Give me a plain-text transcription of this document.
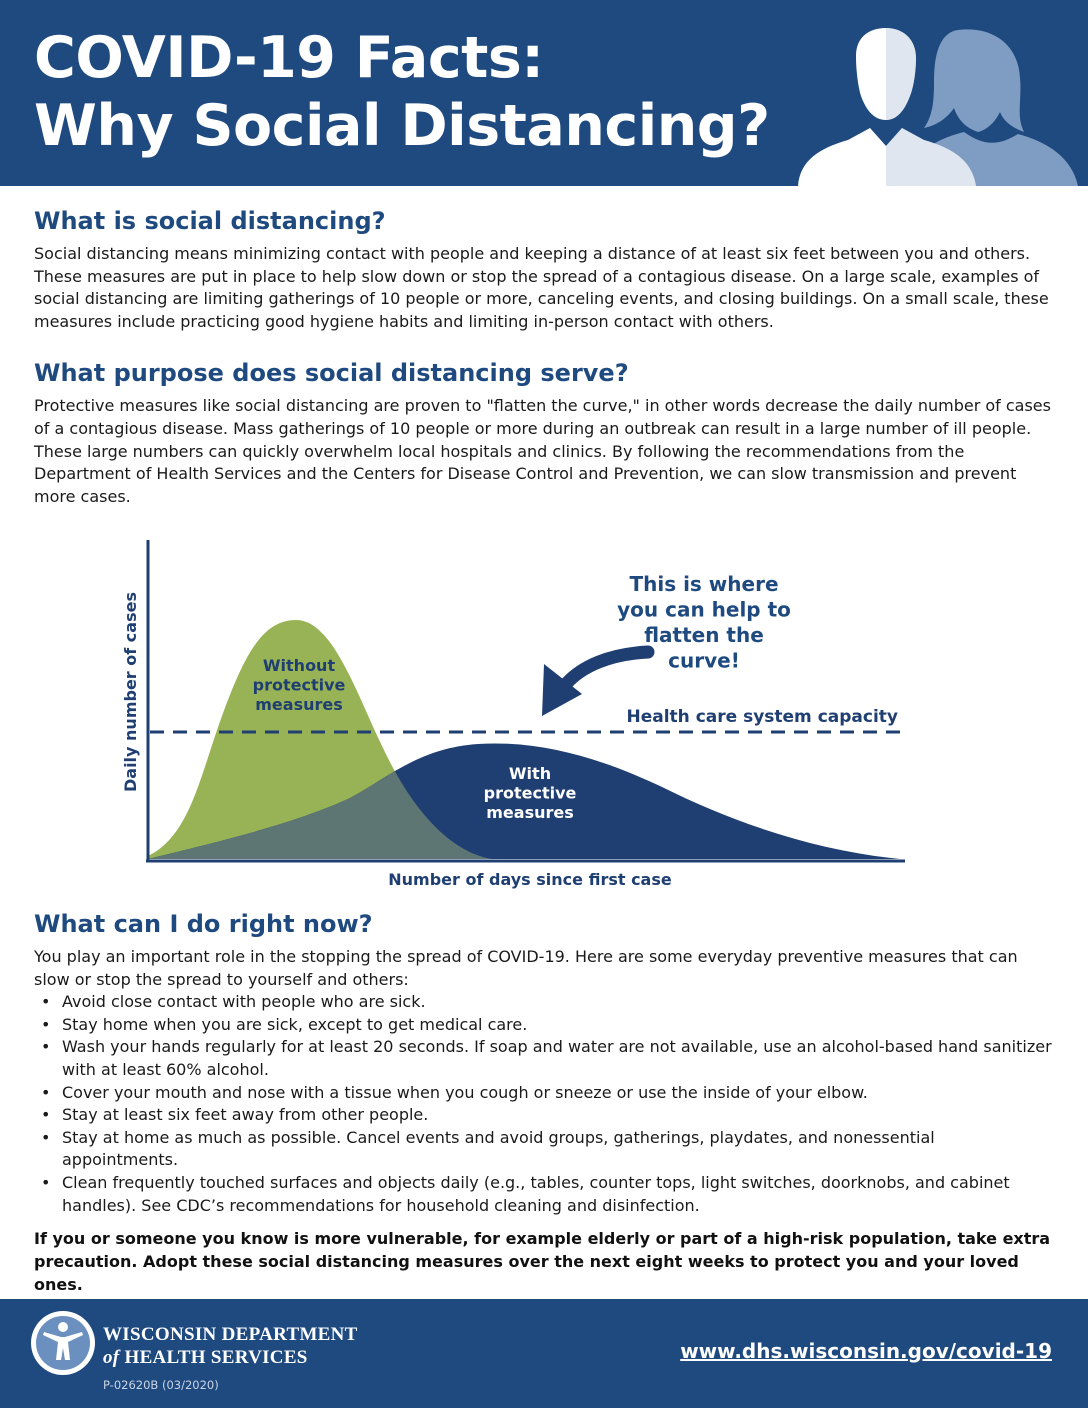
COVID-19 Facts:
Why Social Distancing?
What is social distancing?

Social distancing means minimizing contact with people and keeping a distance of at least six feet between you and others. These measures are put in place to help slow down or stop the spread of a contagious disease. On a large scale, examples of social distancing are limiting gatherings of 10 people or more, canceling events, and closing buildings. On a small scale, these measures include practicing good hygiene habits and limiting in-person contact with others.

What purpose does social distancing serve?

Protective measures like social distancing are proven to "flatten the curve," in other words decrease the daily number of cases of a contagious disease. Mass gatherings of 10 people or more during an outbreak can result in a large number of ill people. These large numbers can quickly overwhelm local hospitals and clinics. By following the recommendations from the Department of Health Services and the Centers for Disease Control and Prevention, we can slow transmission and prevent more cases.

Daily number of cases
Number of days since first case
Health care system capacity
Without
protective
measures
With
protective
measures
This is where
you can help to
flatten the
curve!
What can I do right now?

You play an important role in the stopping the spread of COVID-19. Here are some everyday preventive measures that can slow or stop the spread to yourself and others:

• Avoid close contact with people who are sick.
• Stay home when you are sick, except to get medical care.
• Wash your hands regularly for at least 20 seconds. If soap and water are not available, use an alcohol-based hand sanitizer with at least 60% alcohol.
• Cover your mouth and nose with a tissue when you cough or sneeze or use the inside of your elbow.
• Stay at least six feet away from other people.
• Stay at home as much as possible. Cancel events and avoid groups, gatherings, playdates, and nonessential appointments.
• Clean frequently touched surfaces and objects daily (e.g., tables, counter tops, light switches, doorknobs, and cabinet handles). See CDC’s recommendations for household cleaning and disinfection.

If you or someone you know is more vulnerable, for example elderly or part of a high-risk population, take extra precaution. Adopt these social distancing measures over the next eight weeks to protect you and your loved ones.

WISCONSIN DEPARTMENT
of HEALTH SERVICES
P-02620B (03/2020)
www.dhs.wisconsin.gov/covid-19
